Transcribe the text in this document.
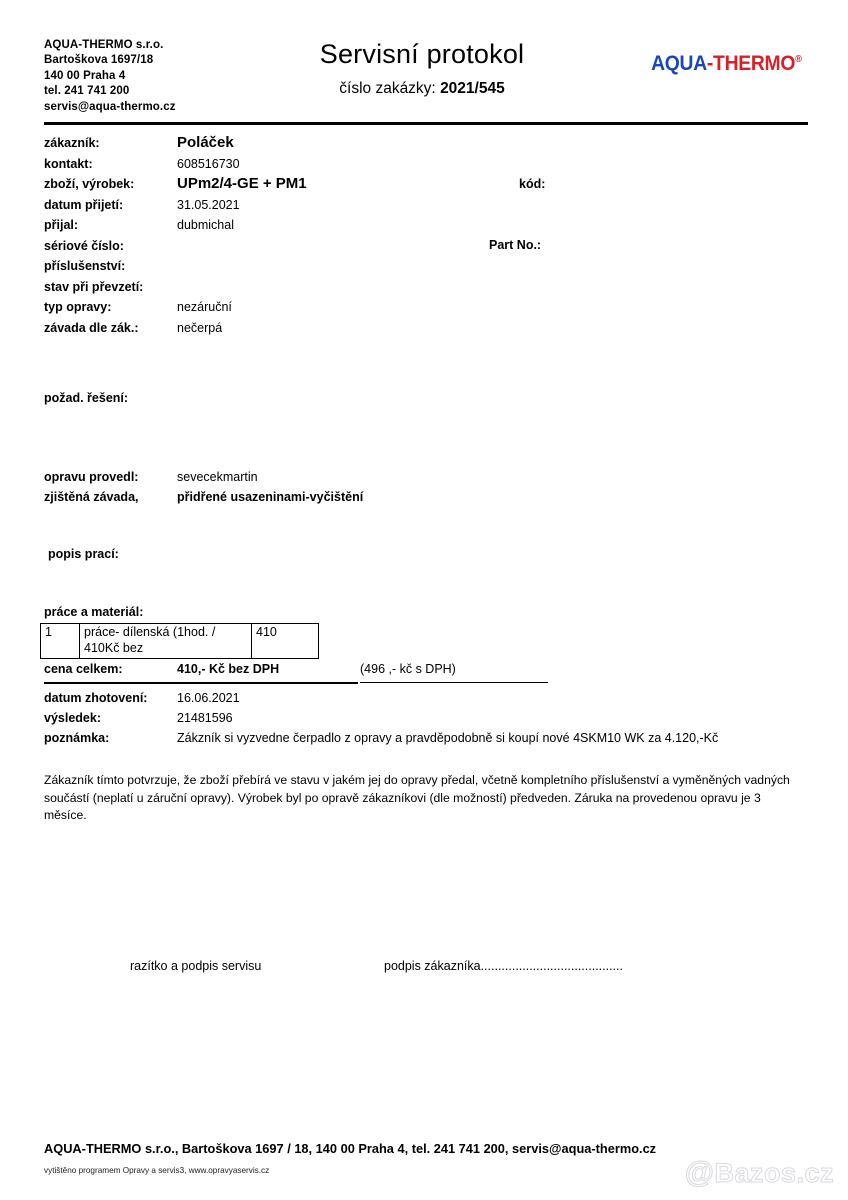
AQUA-THERMO s.r.o.
Bartoškova 1697/18
140 00 Praha 4
tel. 241 741 200
servis@aqua-thermo.cz
Servisní protokol
číslo zakázky: 2021/545
AQUA-THERMO®
zákazník:	Poláček
kontakt:	608516730
zboží, výrobek:	UPm2/4-GE + PM1
datum přijetí:	31.05.2021
přijal:	dubmichal
sériové číslo:
příslušenství:
stav při převzetí:
typ opravy:	nezáruční
závada dle zák.:	nečerpá
kód:
Part No.:
požad. řešení:
opravu provedl:	sevecekmartin
zjištěná závada,	přidřené usazeninami-vyčištění
popis prací:
práce a materiál:
1	práce- dílenská (1hod. / 410Kč bez	410
cena celkem:	410,- Kč bez DPH	(496 ,- kč s DPH)
datum zhotovení: 16.06.2021
výsledek:	21481596
poznámka:	Zákzník si vyzvedne čerpadlo z opravy a pravděpodobně si koupí nové 4SKM10 WK za 4.120,-Kč
Zákazník tímto potvrzuje, že zboží přebírá ve stavu v jakém jej do opravy předal, včetně kompletního příslušenství a vyměněných vadných součástí (neplatí u záruční opravy). Výrobek byl po opravě zákazníkovi (dle možností) předveden. Záruka na provedenou opravu je 3 měsíce.
razítko a podpis servisu	podpis zákazníka.........................................
AQUA-THERMO s.r.o., Bartoškova 1697 / 18, 140 00 Praha 4, tel. 241 741 200, servis@aqua-thermo.cz
vytištěno programem Opravy a servis3, www.opravyaservis.cz	@Bazos.cz
